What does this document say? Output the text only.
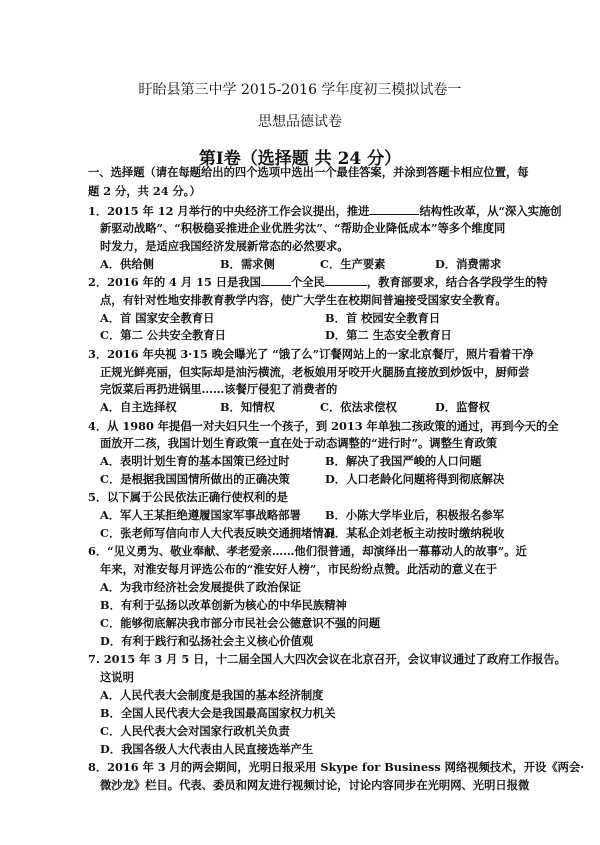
盱眙县第三中学 2015-2016 学年度初三模拟试卷一
思想品德试卷
第Ⅰ卷（选择题 共 24 分）
一、选择题（请在每题给出的四个选项中选出一个最佳答案，并涂到答题卡相应位置，每
题 2 分，共 24 分。）
1．2015 年 12 月举行的中央经济工作会议提出，推进	结构性改革，从“深入实施创
新驱动战略”、“积极稳妥推进企业优胜劣汰”、“帮助企业降低成本”等多个维度同
时发力，是适应我国经济发展新常态的必然要求。
A．供给侧	B．需求侧	C．生产要素	D．消费需求
2．2016 年的 4 月 15 日是我国	个全民	，教育部要求，结合各学段学生的特
点，有针对性地安排教育教学内容，使广大学生在校期间普遍接受国家安全教育。
A．首 国家安全教育日	B．首 校园安全教育日
C．第二 公共安全教育日	D．第二 生态安全教育日
3．2016 年央视 3·15 晚会曝光了 “饿了么”订餐网站上的一家北京餐厅，照片看着干净
正规光鲜亮丽，但实际却是油污横流，老板娘用牙咬开火腿肠直接放到炒饭中，厨师尝
完饭菜后再扔进锅里……该餐厅侵犯了消费者的
A．自主选择权	B．知情权	C．依法求偿权	D．监督权
4．从 1980 年提倡一对夫妇只生一个孩子，到 2013 年单独二孩政策的通过，再到今天的全
面放开二孩，我国计划生育政策一直在处于动态调整的“进行时”。调整生育政策
A．表明计划生育的基本国策已经过时	B．解决了我国严峻的人口问题
C．是根据我国国情所做出的正确决策	D．人口老龄化问题将得到彻底解决
5．以下属于公民依法正确行使权利的是
A．军人王某拒绝遵履国家军事战略部署 B．小陈大学毕业后，积极报名参军
C．张老师写信向市人大代表反映交通拥堵情况
D．某私企刘老板主动按时缴纳税收
6．“见义勇为、敬业奉献、孝老爱亲……他们很普通，却演绎出一幕幕动人的故事”。近
年来，对淮安每月评选公布的“淮安好人榜”，市民纷纷点赞。此活动的意义在于
A．为我市经济社会发展提供了政治保证
B．有利于弘扬以改革创新为核心的中华民族精神
C．能够彻底解决我市部分市民社会公德意识不强的问题
D．有利于践行和弘扬社会主义核心价值观
7. 2015 年 3 月 5 日，十二届全国人大四次会议在北京召开，会议审议通过了政府工作报告。
这说明
A．人民代表大会制度是我国的基本经济制度
B．全国人民代表大会是我国最高国家权力机关
C．人民代表大会对国家行政机关负责
D．我国各级人大代表由人民直接选举产生
8．2016 年 3 月的两会期间，光明日报采用 Skype for Business 网络视频技术，开设《两会·
微沙龙》栏目。代表、委员和网友进行视频讨论，讨论内容同步在光明网、光明日报微
